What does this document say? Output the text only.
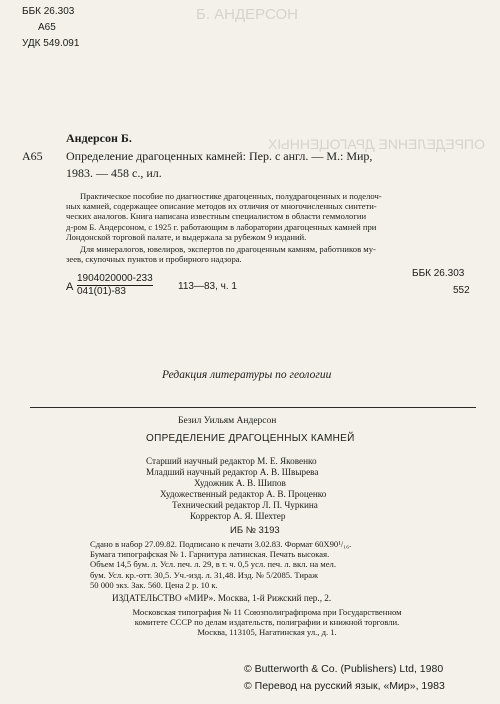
Б. АНДЕРСОН
ОПРЕДЕЛЕНИЕ ДРАГОЦЕННЫХ
ББК 26.303
А65
УДК 549.091
Андерсон Б.
А65 Определение драгоценных камней: Пер. с англ. — М.: Мир,
1983. — 458 с., ил.
Практическое пособие по диагностике драгоценных, полудрагоценных и поделоч-
ных камней, содержащее описание методов их отличия от многочисленных синтети-
ческих аналогов. Книга написана известным специалистом в области геммологии
д-ром Б. Андерсоном, с 1925 г. работающим в лаборатории драгоценных камней при
Лондонской торговой палате, и выдержала за рубежом 9 изданий.
Для минералогов, ювелиров, экспертов по драгоценным камням, работников му-
зеев, скупочных пунктов и пробирного надзора.
А $\frac{1904020000-233}{041(01)-83}$	113—83, ч. 1
ББК 26.303
552
Редакция литературы по геологии
Безил Уильям Андерсон
ОПРЕДЕЛЕНИЕ ДРАГОЦЕННЫХ КАМНЕЙ
Старший научный редактор М. Е. Яковенко
Младший научный редактор А. В. Швырева
Художник А. В. Шипов
Художественный редактор А. В. Проценко
Технический редактор Л. П. Чуркина
Корректор А. Я. Шехтер
ИБ № 3193
Сдано в набор 27.09.82. Подписано к печати 3.02.83. Формат 60Х90¹/₁₆.
Бумага типографская № 1. Гарнитура латинская. Печать высокая.
Объем 14,5 бум. л. Усл. печ. л. 29, в т. ч. 0,5 усл. печ. л. вкл. на мел.
бум. Усл. кр.-отт. 30,5. Уч.-изд. л. 31,48. Изд. № 5/2085. Тираж
50 000 экз. Зак. 560. Цена 2 р. 10 к.
ИЗДАТЕЛЬСТВО «МИР». Москва, 1-й Рижский пер., 2.
Московская типография № 11 Союзполиграфпрома при Государственном
комитете СССР по делам издательств, полиграфии и книжной торговли.
Москва, 113105, Нагатинская ул., д. 1.
© Butterworth & Co. (Publishers) Ltd, 1980
© Перевод на русский язык, «Мир», 1983
